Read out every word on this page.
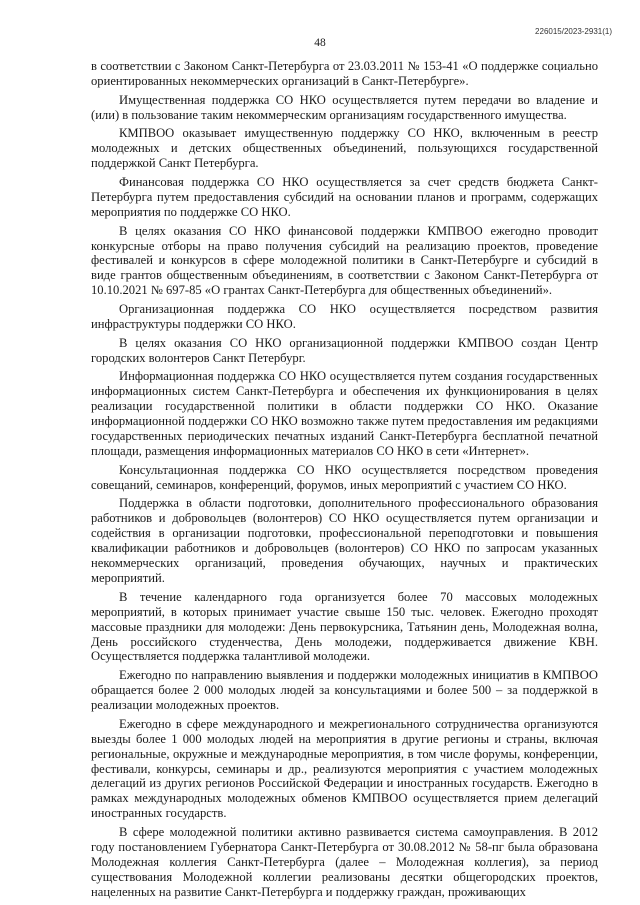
226015/2023-2931(1)
48

в соответствии с Законом Санкт-Петербурга от 23.03.2011 № 153-41 «О поддержке социально ориентированных некоммерческих организаций в Санкт-Петербурге».

Имущественная поддержка СО НКО осуществляется путем передачи во владение и (или) в пользование таким некоммерческим организациям государственного имущества.

КМПВОО оказывает имущественную поддержку СО НКО, включенным в реестр молодежных и детских общественных объединений, пользующихся государственной поддержкой Санкт Петербурга.

Финансовая поддержка СО НКО осуществляется за счет средств бюджета Санкт-Петербурга путем предоставления субсидий на основании планов и программ, содержащих мероприятия по поддержке СО НКО.

В целях оказания СО НКО финансовой поддержки КМПВОО ежегодно проводит конкурсные отборы на право получения субсидий на реализацию проектов, проведение фестивалей и конкурсов в сфере молодежной политики в Санкт-Петербурге и субсидий в виде грантов общественным объединениям, в соответствии с Законом Санкт-Петербурга от 10.10.2021 № 697-85 «О грантах Санкт-Петербурга для общественных объединений».

Организационная поддержка СО НКО осуществляется посредством развития инфраструктуры поддержки СО НКО.

В целях оказания СО НКО организационной поддержки КМПВОО создан Центр городских волонтеров Санкт Петербург.

Информационная поддержка СО НКО осуществляется путем создания государственных информационных систем Санкт-Петербурга и обеспечения их функционирования в целях реализации государственной политики в области поддержки СО НКО. Оказание информационной поддержки СО НКО возможно также путем предоставления им редакциями государственных периодических печатных изданий Санкт-Петербурга бесплатной печатной площади, размещения информационных материалов СО НКО в сети «Интернет».

Консультационная поддержка СО НКО осуществляется посредством проведения совещаний, семинаров, конференций, форумов, иных мероприятий с участием СО НКО.

Поддержка в области подготовки, дополнительного профессионального образования работников и добровольцев (волонтеров) СО НКО осуществляется путем организации и содействия в организации подготовки, профессиональной переподготовки и повышения квалификации работников и добровольцев (волонтеров) СО НКО по запросам указанных некоммерческих организаций, проведения обучающих, научных и практических мероприятий.

В течение календарного года организуется более 70 массовых молодежных мероприятий, в которых принимает участие свыше 150 тыс. человек. Ежегодно проходят массовые праздники для молодежи: День первокурсника, Татьянин день, Молодежная волна, День российского студенчества, День молодежи, поддерживается движение КВН. Осуществляется поддержка талантливой молодежи.

Ежегодно по направлению выявления и поддержки молодежных инициатив в КМПВОО обращается более 2 000 молодых людей за консультациями и более 500 – за поддержкой в реализации молодежных проектов.

Ежегодно в сфере международного и межрегионального сотрудничества организуются выезды более 1 000 молодых людей на мероприятия в другие регионы и страны, включая региональные, окружные и международные мероприятия, в том числе форумы, конференции, фестивали, конкурсы, семинары и др., реализуются мероприятия с участием молодежных делегаций из других регионов Российской Федерации и иностранных государств. Ежегодно в рамках международных молодежных обменов КМПВОО осуществляется прием делегаций иностранных государств.

В сфере молодежной политики активно развивается система самоуправления. В 2012 году постановлением Губернатора Санкт-Петербурга от 30.08.2012 № 58-пг была образована Молодежная коллегия Санкт-Петербурга (далее – Молодежная коллегия), за период существования Молодежной коллегии реализованы десятки общегородских проектов, нацеленных на развитие Санкт-Петербурга и поддержку граждан, проживающих
